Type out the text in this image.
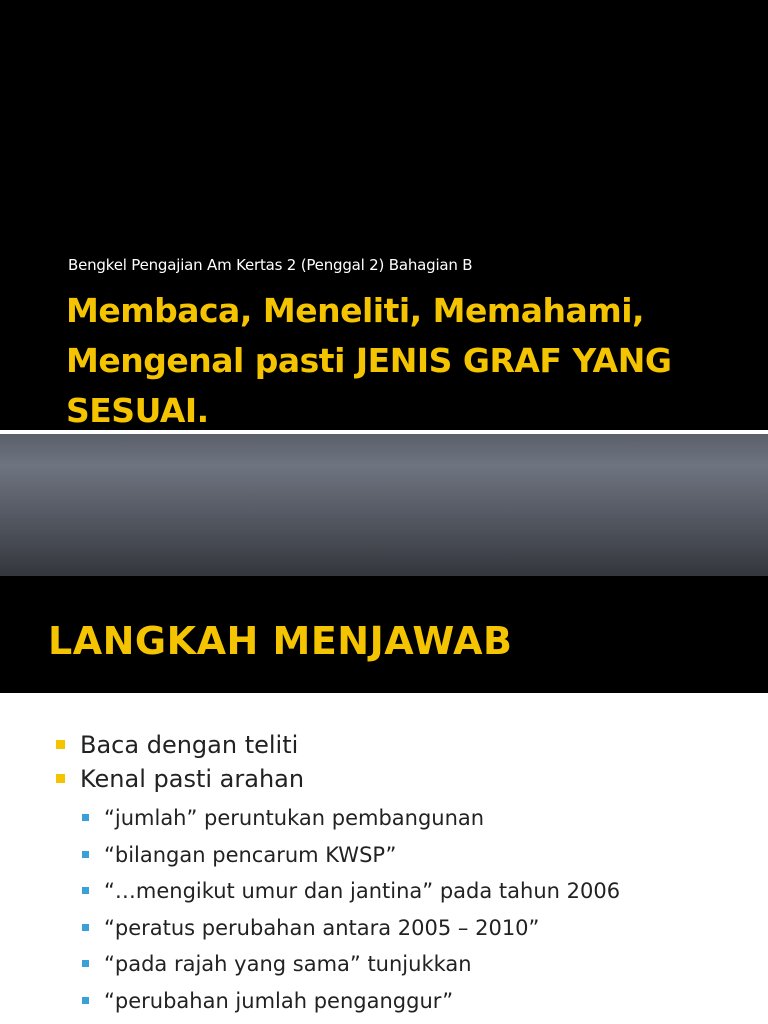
Bengkel Pengajian Am Kertas 2 (Penggal 2) Bahagian B
Membaca, Meneliti, Memahami, Mengenal pasti JENIS GRAF YANG SESUAI.
LANGKAH MENJAWAB
Baca dengan teliti
Kenal pasti arahan
“jumlah” peruntukan pembangunan
“bilangan pencarum KWSP”
“…mengikut umur dan jantina” pada tahun 2006
“peratus perubahan antara 2005 – 2010”
“pada rajah yang sama” tunjukkan
“perubahan jumlah penganggur”
